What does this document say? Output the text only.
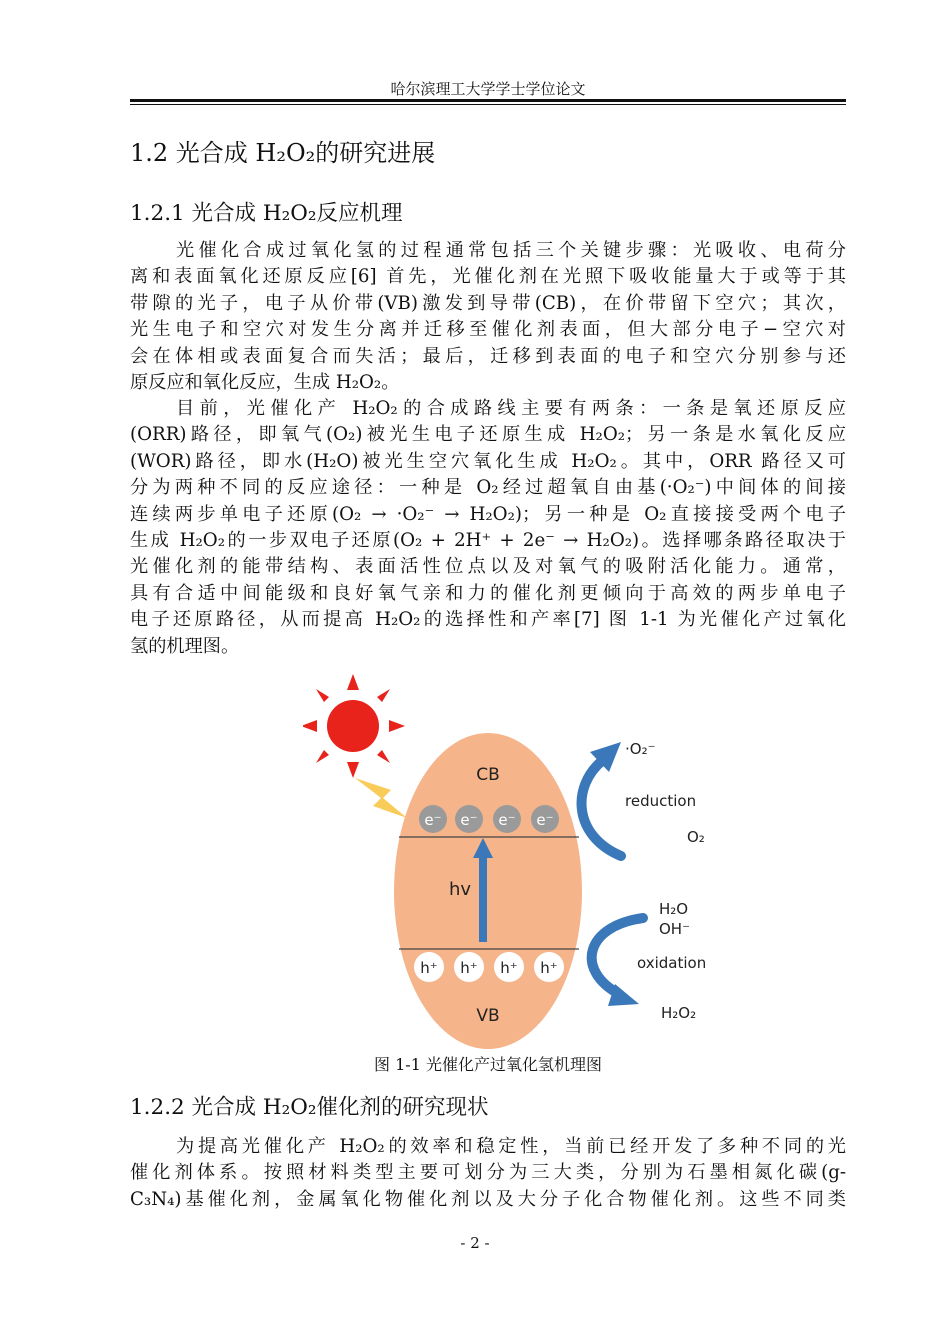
哈尔滨理工大学学士学位论文
1.2 光合成 H₂O₂的研究进展
1.2.1 光合成 H₂O₂反应机理
光催化合成过氧化氢的过程通常包括三个关键步骤：光吸收、电荷分
离和表面氧化还原反应[6] 首先，光催化剂在光照下吸收能量大于或等于其
带隙的光子，电子从价带(VB)激发到导带(CB)，在价带留下空穴；其次，
光生电子和空穴对发生分离并迁移至催化剂表面，但大部分电子−空穴对
会在体相或表面复合而失活；最后，迁移到表面的电子和空穴分别参与还
原反应和氧化反应，生成 H₂O₂。
目前，光催化产 H₂O₂的合成路线主要有两条：一条是氧还原反应
(ORR)路径，即氧气(O₂)被光生电子还原生成 H₂O₂；另一条是水氧化反应
(WOR)路径，即水(H₂O)被光生空穴氧化生成 H₂O₂。其中，ORR 路径又可
分为两种不同的反应途径：一种是 O₂经过超氧自由基(·O₂⁻)中间体的间接
连续两步单电子还原(O₂ → ·O₂⁻ → H₂O₂)；另一种是 O₂直接接受两个电子
生成 H₂O₂的一步双电子还原(O₂ + 2H⁺ + 2e⁻ → H₂O₂)。选择哪条路径取决于
光催化剂的能带结构、表面活性位点以及对氧气的吸附活化能力。通常，
具有合适中间能级和良好氧气亲和力的催化剂更倾向于高效的两步单电子
电子还原路径，从而提高 H₂O₂的选择性和产率[7] 图 1-1 为光催化产过氧化
氢的机理图。
CB
VB
e⁻ e⁻ e⁻ e⁻
h⁺ h⁺ h⁺ h⁺
hv
·O₂⁻
reduction
O₂
H₂O
OH⁻
oxidation
H₂O₂
图 1-1 光催化产过氧化氢机理图
1.2.2 光合成 H₂O₂催化剂的研究现状
为提高光催化产 H₂O₂的效率和稳定性，当前已经开发了多种不同的光
催化剂体系。按照材料类型主要可划分为三大类，分别为石墨相氮化碳(g-
C₃N₄)基催化剂，金属氧化物催化剂以及大分子化合物催化剂。这些不同类
- 2 -
